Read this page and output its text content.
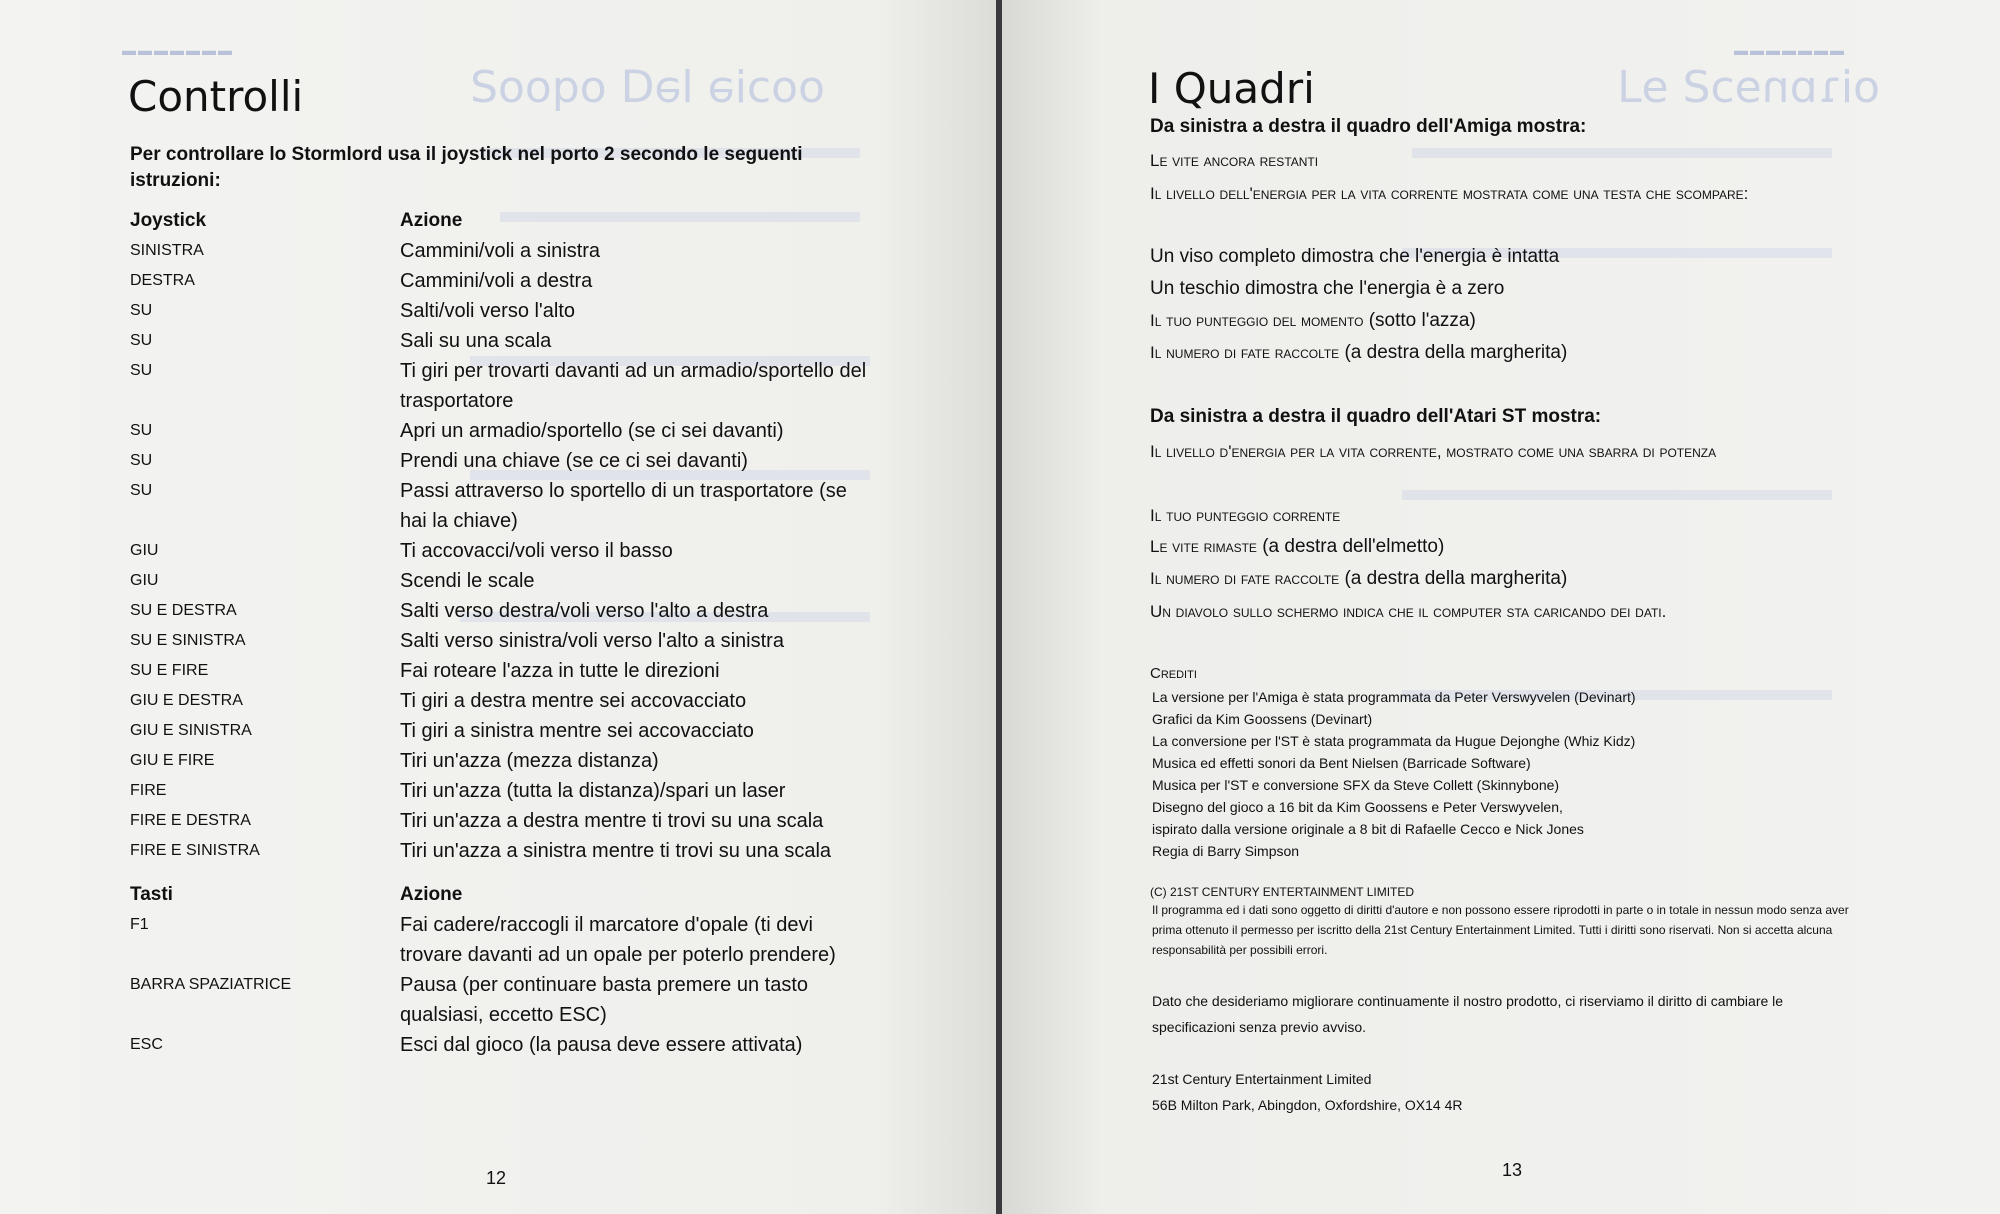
▬▬▬▬▬▬▬
ooɔiǝ lǝᗡ oqooƧ
Controlli
Per controllare lo Stormlord usa il joystick nel porto 2 secondo le seguenti istruzioni:
Joystick	Azione
SINISTRA	Cammini/voli a sinistra
DESTRA	Cammini/voli a destra
SU	Salti/voli verso l'alto
SU	Sali su una scala
SU	Ti giri per trovarti davanti ad un armadio/sportello del trasportatore
SU	Apri un armadio/sportello (se ci sei davanti)
SU	Prendi una chiave (se ce ci sei davanti)
SU	Passi attraverso lo sportello di un trasportatore (se hai la chiave)
GIU	Ti accovacci/voli verso il basso
GIU	Scendi le scale
SU E DESTRA	Salti verso destra/voli verso l'alto a destra
SU E SINISTRA	Salti verso sinistra/voli verso l'alto a sinistra
SU E FIRE	Fai roteare l'azza in tutte le direzioni
GIU E DESTRA	Ti giri a destra mentre sei accovacciato
GIU E SINISTRA	Ti giri a sinistra mentre sei accovacciato
GIU E FIRE	Tiri un'azza (mezza distanza)
FIRE	Tiri un'azza (tutta la distanza)/spari un laser
FIRE E DESTRA	Tiri un'azza a destra mentre ti trovi su una scala
FIRE E SINISTRA	Tiri un'azza a sinistra mentre ti trovi su una scala

Tasti	Azione
F1	Fai cadere/raccogli il marcatore d'opale (ti devi trovare davanti ad un opale per poterlo prendere)
BARRA SPAZIATRICE	Pausa (per continuare basta premere un tasto qualsiasi, eccetto ESC)
ESC	Esci dal gioco (la pausa deve essere attivata)
12
▬▬▬▬▬▬▬
oiɿɒnɘɔƧ ɘ⅃
I Quadri
Da sinistra a destra il quadro dell'Amiga mostra:
Le vite ancora restanti
Il livello dell'energia per la vita corrente mostrata come una testa che scompare:
Un viso completo dimostra che l'energia è intatta
Un teschio dimostra che l'energia è a zero
Il tuo punteggio del momento (sotto l'azza)
Il numero di fate raccolte (a destra della margherita)
Da sinistra a destra il quadro dell'Atari ST mostra:
Il livello d'energia per la vita corrente, mostrato come una sbarra di potenza
Il tuo punteggio corrente
Le vite rimaste (a destra dell'elmetto)
Il numero di fate raccolte (a destra della margherita)
Un diavolo sullo schermo indica che il computer sta caricando dei dati.
Crediti
La versione per l'Amiga è stata programmata da Peter Verswyvelen (Devinart)
Grafici da Kim Goossens (Devinart)
La conversione per l'ST è stata programmata da Hugue Dejonghe (Whiz Kidz)
Musica ed effetti sonori da Bent Nielsen (Barricade Software)
Musica per l'ST e conversione SFX da Steve Collett (Skinnybone)
Disegno del gioco a 16 bit da Kim Goossens e Peter Verswyvelen,
ispirato dalla versione originale a 8 bit di Rafaelle Cecco e Nick Jones
Regia di Barry Simpson
(C) 21ST CENTURY ENTERTAINMENT LIMITED
Il programma ed i dati sono oggetto di diritti d'autore e non possono essere riprodotti in parte o in totale in nessun modo senza aver prima ottenuto il permesso per iscritto della 21st Century Entertainment Limited. Tutti i diritti sono riservati. Non si accetta alcuna responsabilità per possibili errori.
Dato che desideriamo migliorare continuamente il nostro prodotto, ci riserviamo il diritto di cambiare le specificazioni senza previo avviso.
21st Century Entertainment Limited
56B Milton Park, Abingdon, Oxfordshire, OX14 4R
13
